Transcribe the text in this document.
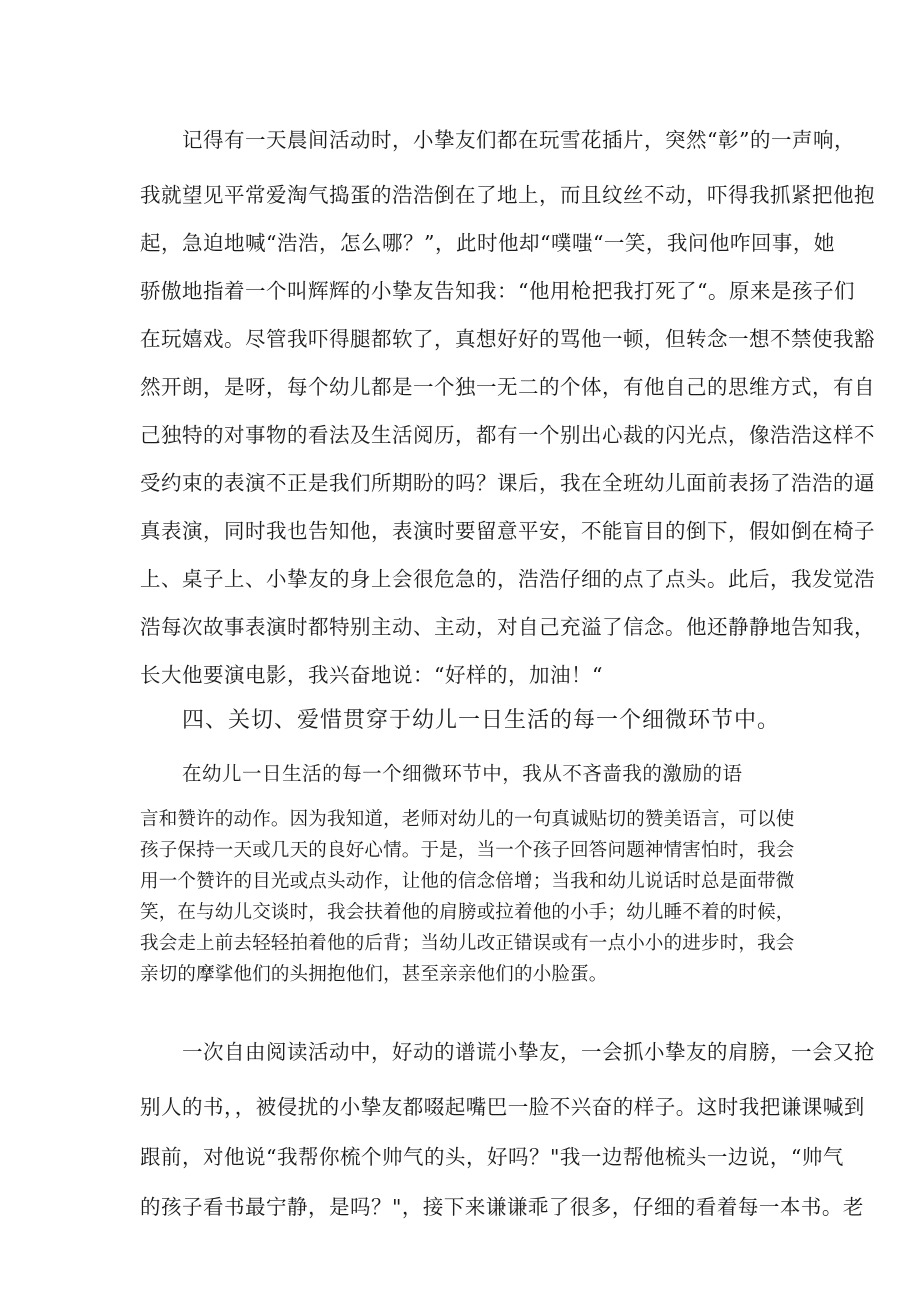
记得有一天晨间活动时，小挚友们都在玩雪花插片，突然“彰”的一声响，
我就望见平常爱淘气捣蛋的浩浩倒在了地上，而且纹丝不动，吓得我抓紧把他抱
起，急迫地喊“浩浩，怎么哪？”，此时他却“噗嗤“一笑，我问他咋回事，她
骄傲地指着一个叫辉辉的小挚友告知我：“他用枪把我打死了“。原来是孩子们
在玩嬉戏。尽管我吓得腿都软了，真想好好的骂他一顿，但转念一想不禁使我豁
然开朗，是呀，每个幼儿都是一个独一无二的个体，有他自己的思维方式，有自
己独特的对事物的看法及生活阅历，都有一个别出心裁的闪光点，像浩浩这样不
受约束的表演不正是我们所期盼的吗？课后，我在全班幼儿面前表扬了浩浩的逼
真表演，同时我也告知他，表演时要留意平安，不能盲目的倒下，假如倒在椅子
上、桌子上、小挚友的身上会很危急的，浩浩仔细的点了点头。此后，我发觉浩
浩每次故事表演时都特别主动、主动，对自己充溢了信念。他还静静地告知我，
长大他要演电影，我兴奋地说：“好样的，加油！“
四、关切、爱惜贯穿于幼儿一日生活的每一个细微环节中。
在幼儿一日生活的每一个细微环节中，我从不吝啬我的激励的语
言和赞许的动作。因为我知道，老师对幼儿的一句真诚贴切的赞美语言，可以使
孩子保持一天或几天的良好心情。于是，当一个孩子回答问题神情害怕时，我会
用一个赞许的目光或点头动作，让他的信念倍增；当我和幼儿说话时总是面带微
笑，在与幼儿交谈时，我会扶着他的肩膀或拉着他的小手；幼儿睡不着的时候，
我会走上前去轻轻拍着他的后背；当幼儿改正错误或有一点小小的进步时，我会
亲切的摩挲他们的头拥抱他们，甚至亲亲他们的小脸蛋。
一次自由阅读活动中，好动的谱谎小挚友，一会抓小挚友的肩膀，一会又抢
别人的书，，被侵扰的小挚友都啜起嘴巴一脸不兴奋的样子。这时我把谦课喊到
跟前，对他说“我帮你梳个帅气的头，好吗？"我一边帮他梳头一边说，“帅气
的孩子看书最宁静，是吗？"，接下来谦谦乖了很多，仔细的看着每一本书。老
